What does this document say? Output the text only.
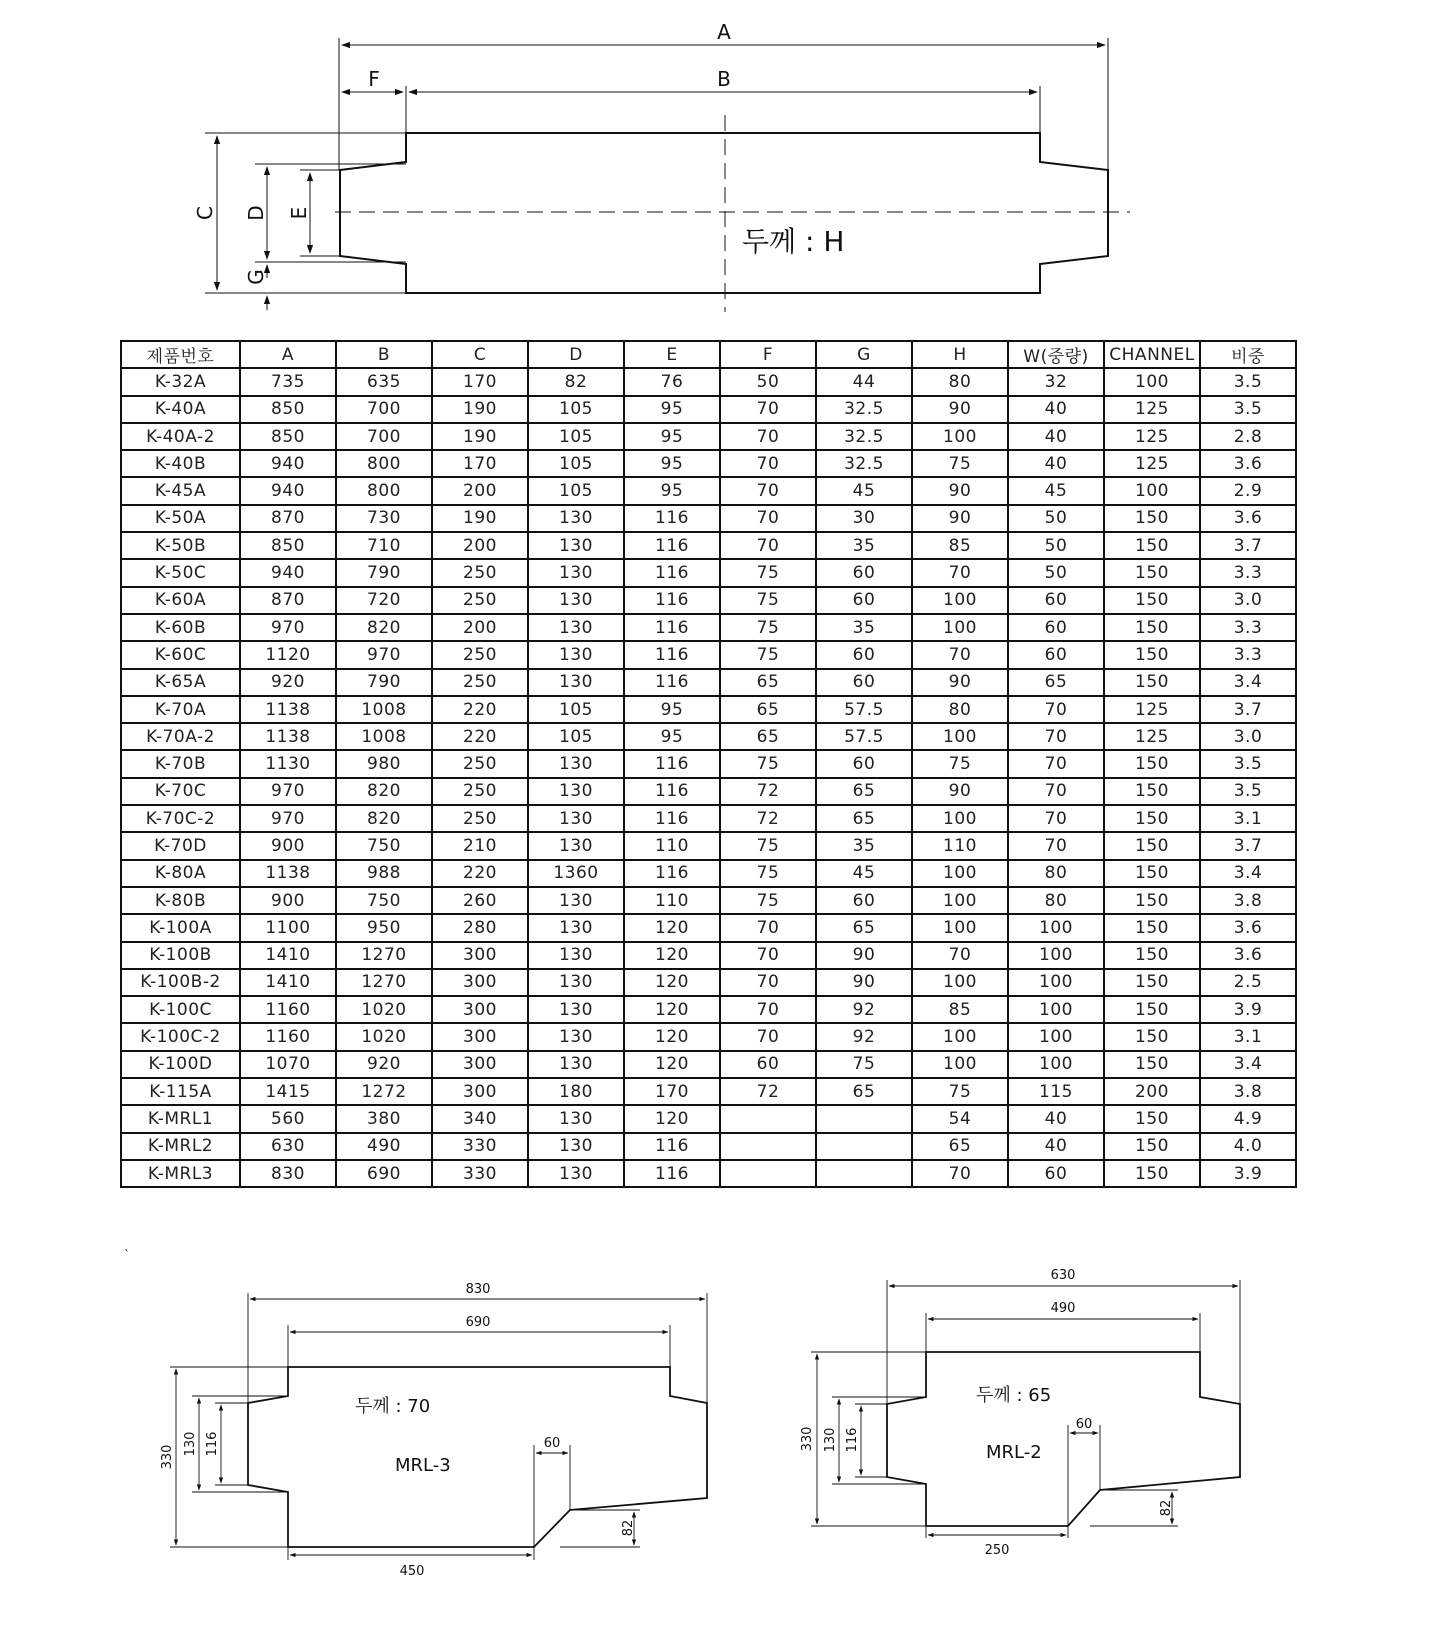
A
F	B
C D E
G
두께 : H
제품번호	A	B	C	D	E	F	G	H	W(중량)	CHANNEL	비중
K-32A	735	635	170	82	76	50	44	80	32	100	3.5
K-40A	850	700	190	105	95	70	32.5	90	40	125	3.5
K-40A-2	850	700	190	105	95	70	32.5	100	40	125	2.8
K-40B	940	800	170	105	95	70	32.5	75	40	125	3.6
K-45A	940	800	200	105	95	70	45	90	45	100	2.9
K-50A	870	730	190	130	116	70	30	90	50	150	3.6
K-50B	850	710	200	130	116	70	35	85	50	150	3.7
K-50C	940	790	250	130	116	75	60	70	50	150	3.3
K-60A	870	720	250	130	116	75	60	100	60	150	3.0
K-60B	970	820	200	130	116	75	35	100	60	150	3.3
K-60C	1120	970	250	130	116	75	60	70	60	150	3.3
K-65A	920	790	250	130	116	65	60	90	65	150	3.4
K-70A	1138	1008	220	105	95	65	57.5	80	70	125	3.7
K-70A-2	1138	1008	220	105	95	65	57.5	100	70	125	3.0
K-70B	1130	980	250	130	116	75	60	75	70	150	3.5
K-70C	970	820	250	130	116	72	65	90	70	150	3.5
K-70C-2	970	820	250	130	116	72	65	100	70	150	3.1
K-70D	900	750	210	130	110	75	35	110	70	150	3.7
K-80A	1138	988	220	1360	116	75	45	100	80	150	3.4
K-80B	900	750	260	130	110	75	60	100	80	150	3.8
K-100A	1100	950	280	130	120	70	65	100	100	150	3.6
K-100B	1410	1270	300	130	120	70	90	70	100	150	3.6
K-100B-2	1410	1270	300	130	120	70	90	100	100	150	2.5
K-100C	1160	1020	300	130	120	70	92	85	100	150	3.9
K-100C-2	1160	1020	300	130	120	70	92	100	100	150	3.1
K-100D	1070	920	300	130	120	60	75	100	100	150	3.4
K-115A	1415	1272	300	180	170	72	65	75	115	200	3.8
K-MRL1	560	380	340	130	120			54	40	150	4.9
K-MRL2	630	490	330	130	116			65	40	150	4.0
K-MRL3	830	690	330	130	116			70	60	150	3.9
`
830
690
330
130 116	60
82
450
두께 : 70
MRL-3
630
490
330 130 116
60
82
250
두께 : 65
MRL-2
